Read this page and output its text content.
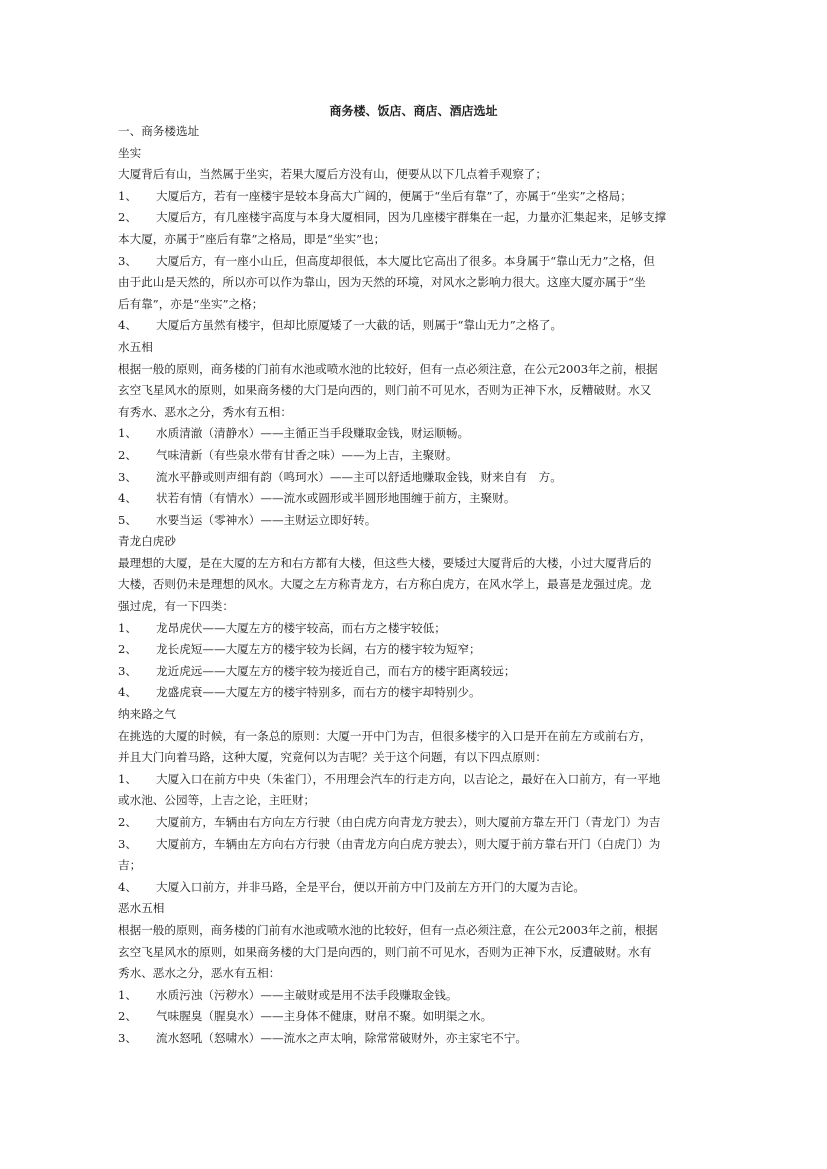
商务楼、饭店、商店、酒店选址
一、商务楼选址
坐实
大厦背后有山，当然属于坐实，若果大厦后方没有山，便要从以下几点着手观察了；
1、 大厦后方，若有一座楼宇是较本身高大广阔的，便属于“坐后有靠”了，亦属于“坐实”之格局；
2、 大厦后方，有几座楼宇高度与本身大厦相同，因为几座楼宇群集在一起，力量亦汇集起来，足够支撑
本大厦，亦属于“座后有靠”之格局，即是“坐实”也；
3、 大厦后方，有一座小山丘，但高度却很低，本大厦比它高出了很多。本身属于“靠山无力”之格，但
由于此山是天然的，所以亦可以作为靠山，因为天然的环境，对风水之影响力很大。这座大厦亦属于“坐
后有靠”，亦是“坐实”之格；
4、 大厦后方虽然有楼宇，但却比原厦矮了一大截的话，则属于“靠山无力”之格了。
水五相
根据一般的原则，商务楼的门前有水池或喷水池的比较好，但有一点必须注意，在公元2003年之前，根据
玄空飞星风水的原则，如果商务楼的大门是向西的，则门前不可见水，否则为正神下水，反糟破财。水又
有秀水、恶水之分，秀水有五相：
1、 水质清澈（清静水）——主循正当手段赚取金钱，财运顺畅。
2、 气味清新（有些泉水带有甘香之味）——为上吉，主聚财。
3、 流水平静或则声细有韵（鸣珂水）——主可以舒适地赚取金钱，财来自有　方。
4、 状若有情（有情水）——流水或圆形或半圆形地围缠于前方，主聚财。
5、 水要当运（零神水）——主财运立即好转。
青龙白虎砂
最理想的大厦，是在大厦的左方和右方都有大楼，但这些大楼，要矮过大厦背后的大楼，小过大厦背后的
大楼，否则仍未是理想的风水。大厦之左方称青龙方，右方称白虎方，在风水学上，最喜是龙强过虎。龙
强过虎，有一下四类：
1、 龙昂虎伏——大厦左方的楼宇较高，而右方之楼宇较低；
2、 龙长虎短——大厦左方的楼宇较为长阔，右方的楼宇较为短窄；
3、 龙近虎远——大厦左方的楼宇较为接近自己，而右方的楼宇距离较远；
4、 龙盛虎衰——大厦左方的楼宇特别多，而右方的楼宇却特别少。
纳来路之气
在挑选的大厦的时候，有一条总的原则：大厦一开中门为吉，但很多楼宇的入口是开在前左方或前右方，
并且大门向着马路，这种大厦，究竟何以为吉呢？关于这个问题，有以下四点原则：
1、 大厦入口在前方中央（朱雀门），不用理会汽车的行走方向，以吉论之，最好在入口前方，有一平地
或水池、公园等，上吉之论，主旺财；
2、 大厦前方，车辆由右方向左方行驶（由白虎方向青龙方驶去），则大厦前方靠左开门（青龙门）为吉
3、 大厦前方，车辆由左方向右方行驶（由青龙方向白虎方驶去），则大厦于前方靠右开门（白虎门）为
吉；
4、 大厦入口前方，并非马路，全是平台，便以开前方中门及前左方开门的大厦为吉论。
恶水五相
根据一般的原则，商务楼的门前有水池或喷水池的比较好，但有一点必须注意，在公元2003年之前，根据
玄空飞星风水的原则，如果商务楼的大门是向西的，则门前不可见水，否则为正神下水，反遭破财。水有
秀水、恶水之分，恶水有五相：
1、 水质污浊（污秽水）——主破财或是用不法手段赚取金钱。
2、 气味腥臭（腥臭水）——主身体不健康，财帛不聚。如明渠之水。
3、 流水怒吼（怒啸水）——流水之声太响，除常常破财外，亦主家宅不宁。
